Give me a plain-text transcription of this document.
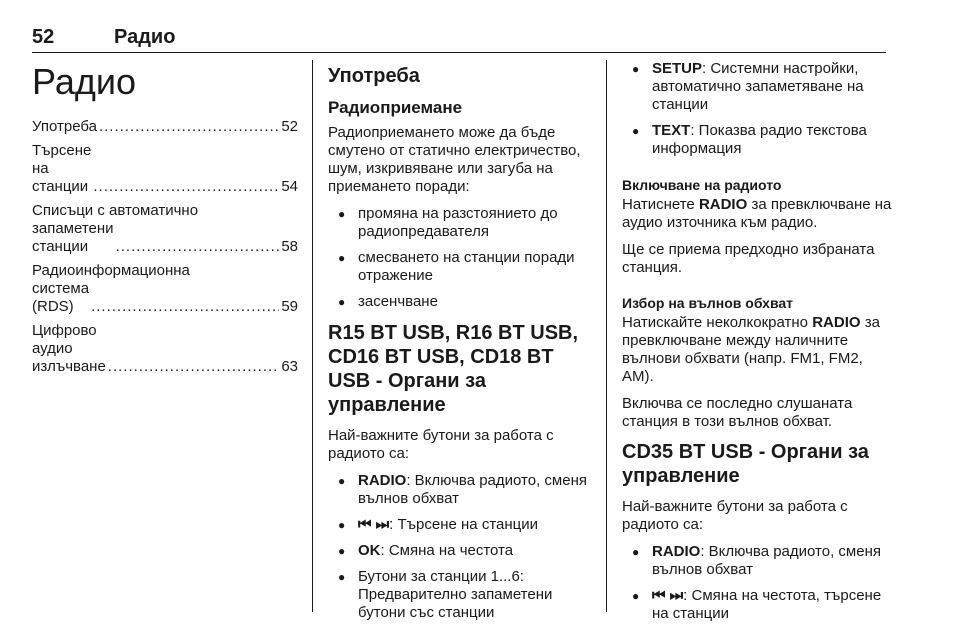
52	Радио
Радио
Употреба .....	52
Търсене на станции .....	54
Списъци с автоматично
запаметени станции .....	58
Радиоинформационна
система (RDS) .....	59
Цифрово аудио излъчване .....	63
Употреба
Радиоприемане

Радиоприемането може да бъде смутено от статично електричество, шум, изкривяване или загуба на приемането поради:

● промяна на разстоянието до радиопредавателя
● смесването на станции поради отражение
● засенчване
R15 BT USB, R16 BT USB, CD16 BT USB, CD18 BT USB - Органи за управление

Най-важните бутони за работа с радиото са:

● RADIO: Включва радиото, сменя вълнов обхват
● ⏮ ⏭: Търсене на станции
● OK: Смяна на честота
● Бутони за станции 1...6: Предварително запаметени бутони със станции
● SETUP: Системни настройки, автоматично запаметяване на станции
● TEXT: Показва радио текстова информация
Включване на радиото

Натиснете RADIO за превключване на аудио източника към радио.

Ще се приема предходно избраната станция.

Избор на вълнов обхват

Натискайте неколкократно RADIO за превключване между наличните вълнови обхвати (напр. FM1, FM2, AM).

Включва се последно слушаната станция в този вълнов обхват.

CD35 BT USB - Органи за управление

Най-важните бутони за работа с радиото са:

● RADIO: Включва радиото, сменя вълнов обхват
● ⏮ ⏭: Смяна на честота, търсене на станции
